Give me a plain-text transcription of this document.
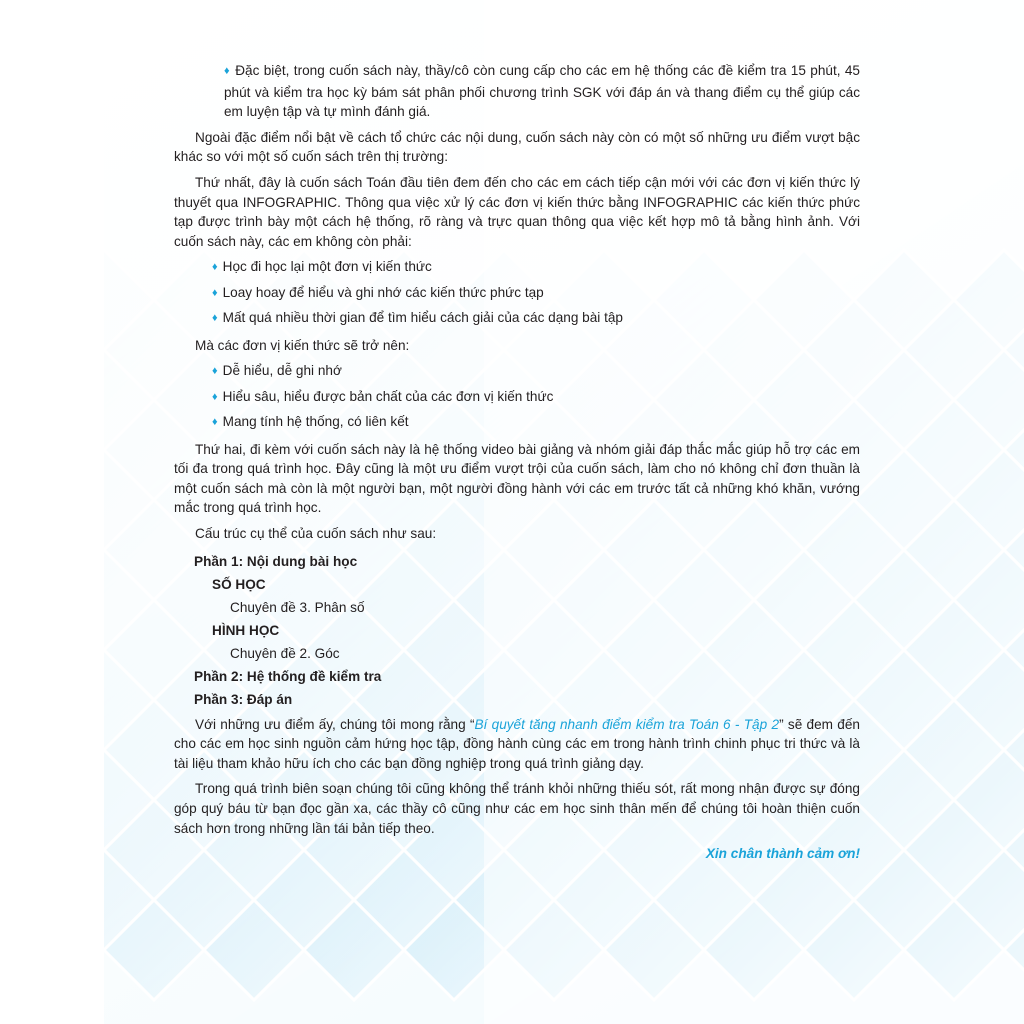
♦ Đặc biệt, trong cuốn sách này, thầy/cô còn cung cấp cho các em hệ thống các đề kiểm tra 15 phút, 45 phút và kiểm tra học kỳ bám sát phân phối chương trình SGK với đáp án và thang điểm cụ thể giúp các em luyện tập và tự mình đánh giá.

Ngoài đặc điểm nổi bật về cách tổ chức các nội dung, cuốn sách này còn có một số những ưu điểm vượt bậc khác so với một số cuốn sách trên thị trường:

Thứ nhất, đây là cuốn sách Toán đầu tiên đem đến cho các em cách tiếp cận mới với các đơn vị kiến thức lý thuyết qua INFOGRAPHIC. Thông qua việc xử lý các đơn vị kiến thức bằng INFOGRAPHIC các kiến thức phức tạp được trình bày một cách hệ thống, rõ ràng và trực quan thông qua việc kết hợp mô tả bằng hình ảnh. Với cuốn sách này, các em không còn phải:

♦ Học đi học lại một đơn vị kiến thức

♦ Loay hoay để hiểu và ghi nhớ các kiến thức phức tạp

♦ Mất quá nhiều thời gian để tìm hiểu cách giải của các dạng bài tập

Mà các đơn vị kiến thức sẽ trở nên:

♦ Dễ hiểu, dễ ghi nhớ

♦ Hiểu sâu, hiểu được bản chất của các đơn vị kiến thức

♦ Mang tính hệ thống, có liên kết

Thứ hai, đi kèm với cuốn sách này là hệ thống video bài giảng và nhóm giải đáp thắc mắc giúp hỗ trợ các em tối đa trong quá trình học. Đây cũng là một ưu điểm vượt trội của cuốn sách, làm cho nó không chỉ đơn thuần là một cuốn sách mà còn là một người bạn, một người đồng hành với các em trước tất cả những khó khăn, vướng mắc trong quá trình học.

Cấu trúc cụ thể của cuốn sách như sau:

Phần 1: Nội dung bài học

SỐ HỌC

Chuyên đề 3. Phân số

HÌNH HỌC

Chuyên đề 2. Góc

Phần 2: Hệ thống đề kiểm tra

Phần 3: Đáp án

Với những ưu điểm ấy, chúng tôi mong rằng “Bí quyết tăng nhanh điểm kiểm tra Toán 6 - Tập 2” sẽ đem đến cho các em học sinh nguồn cảm hứng học tập, đồng hành cùng các em trong hành trình chinh phục tri thức và là tài liệu tham khảo hữu ích cho các bạn đồng nghiệp trong quá trình giảng dạy.

Trong quá trình biên soạn chúng tôi cũng không thể tránh khỏi những thiếu sót, rất mong nhận được sự đóng góp quý báu từ bạn đọc gần xa, các thầy cô cũng như các em học sinh thân mến để chúng tôi hoàn thiện cuốn sách hơn trong những lần tái bản tiếp theo.

Xin chân thành cảm ơn!
